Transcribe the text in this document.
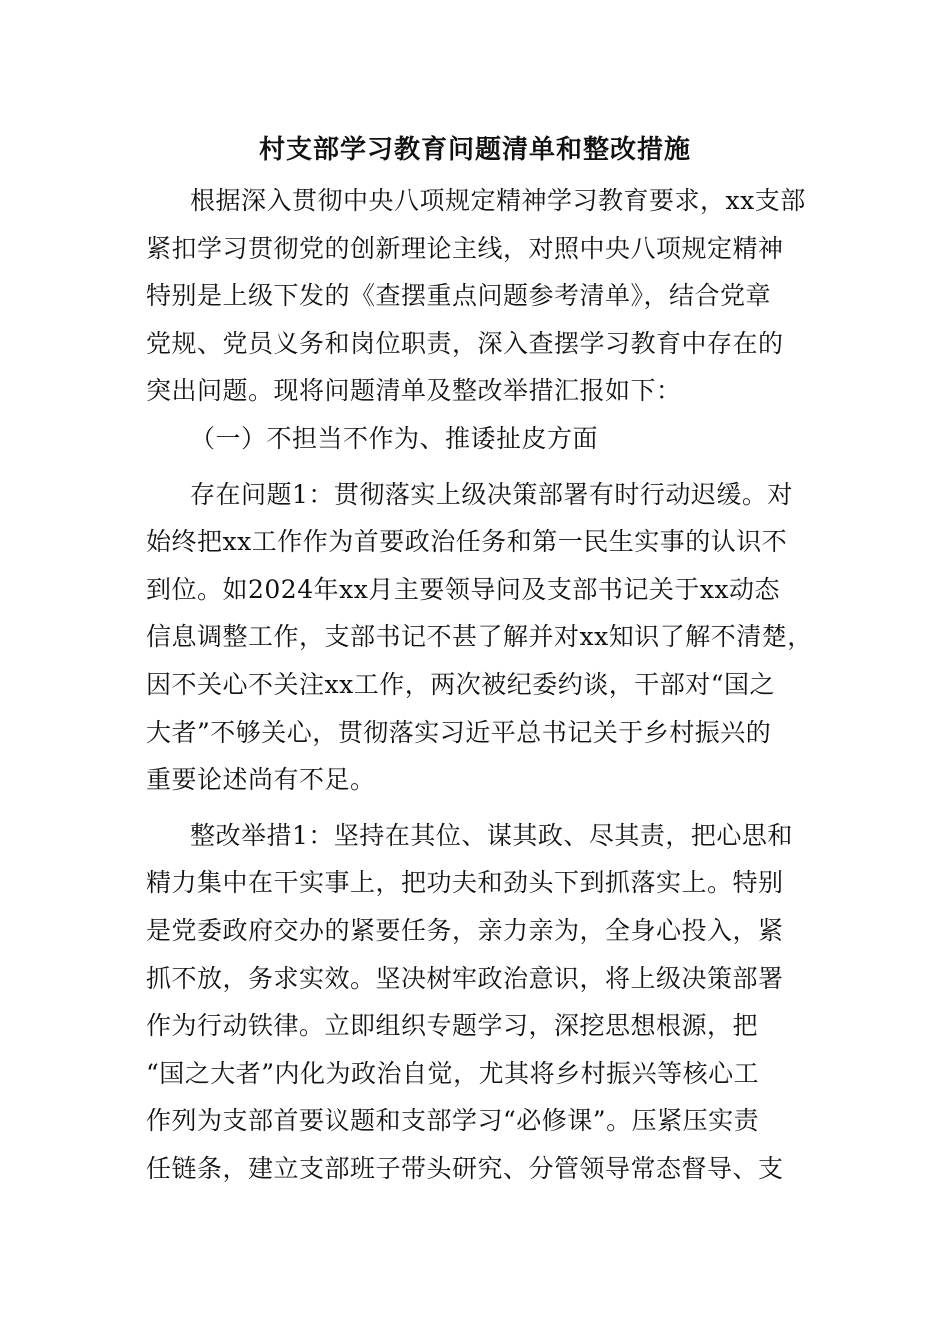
村支部学习教育问题清单和整改措施
根据深入贯彻中央八项规定精神学习教育要求，xx支部
紧扣学习贯彻党的创新理论主线，对照中央八项规定精神
特别是上级下发的《查摆重点问题参考清单》，结合党章
党规、党员义务和岗位职责，深入查摆学习教育中存在的
突出问题。现将问题清单及整改举措汇报如下：
（一）不担当不作为、推诿扯皮方面
存在问题1：贯彻落实上级决策部署有时行动迟缓。对
始终把xx工作作为首要政治任务和第一民生实事的认识不
到位。如2024年xx月主要领导问及支部书记关于xx动态
信息调整工作，支部书记不甚了解并对xx知识了解不清楚，
因不关心不关注xx工作，两次被纪委约谈，干部对“国之
大者”不够关心，贯彻落实习近平总书记关于乡村振兴的
重要论述尚有不足。
整改举措1：坚持在其位、谋其政、尽其责，把心思和
精力集中在干实事上，把功夫和劲头下到抓落实上。特别
是党委政府交办的紧要任务，亲力亲为，全身心投入，紧
抓不放，务求实效。坚决树牢政治意识，将上级决策部署
作为行动铁律。立即组织专题学习，深挖思想根源，把
“国之大者”内化为政治自觉，尤其将乡村振兴等核心工
作列为支部首要议题和支部学习“必修课”。压紧压实责
任链条，建立支部班子带头研究、分管领导常态督导、支
